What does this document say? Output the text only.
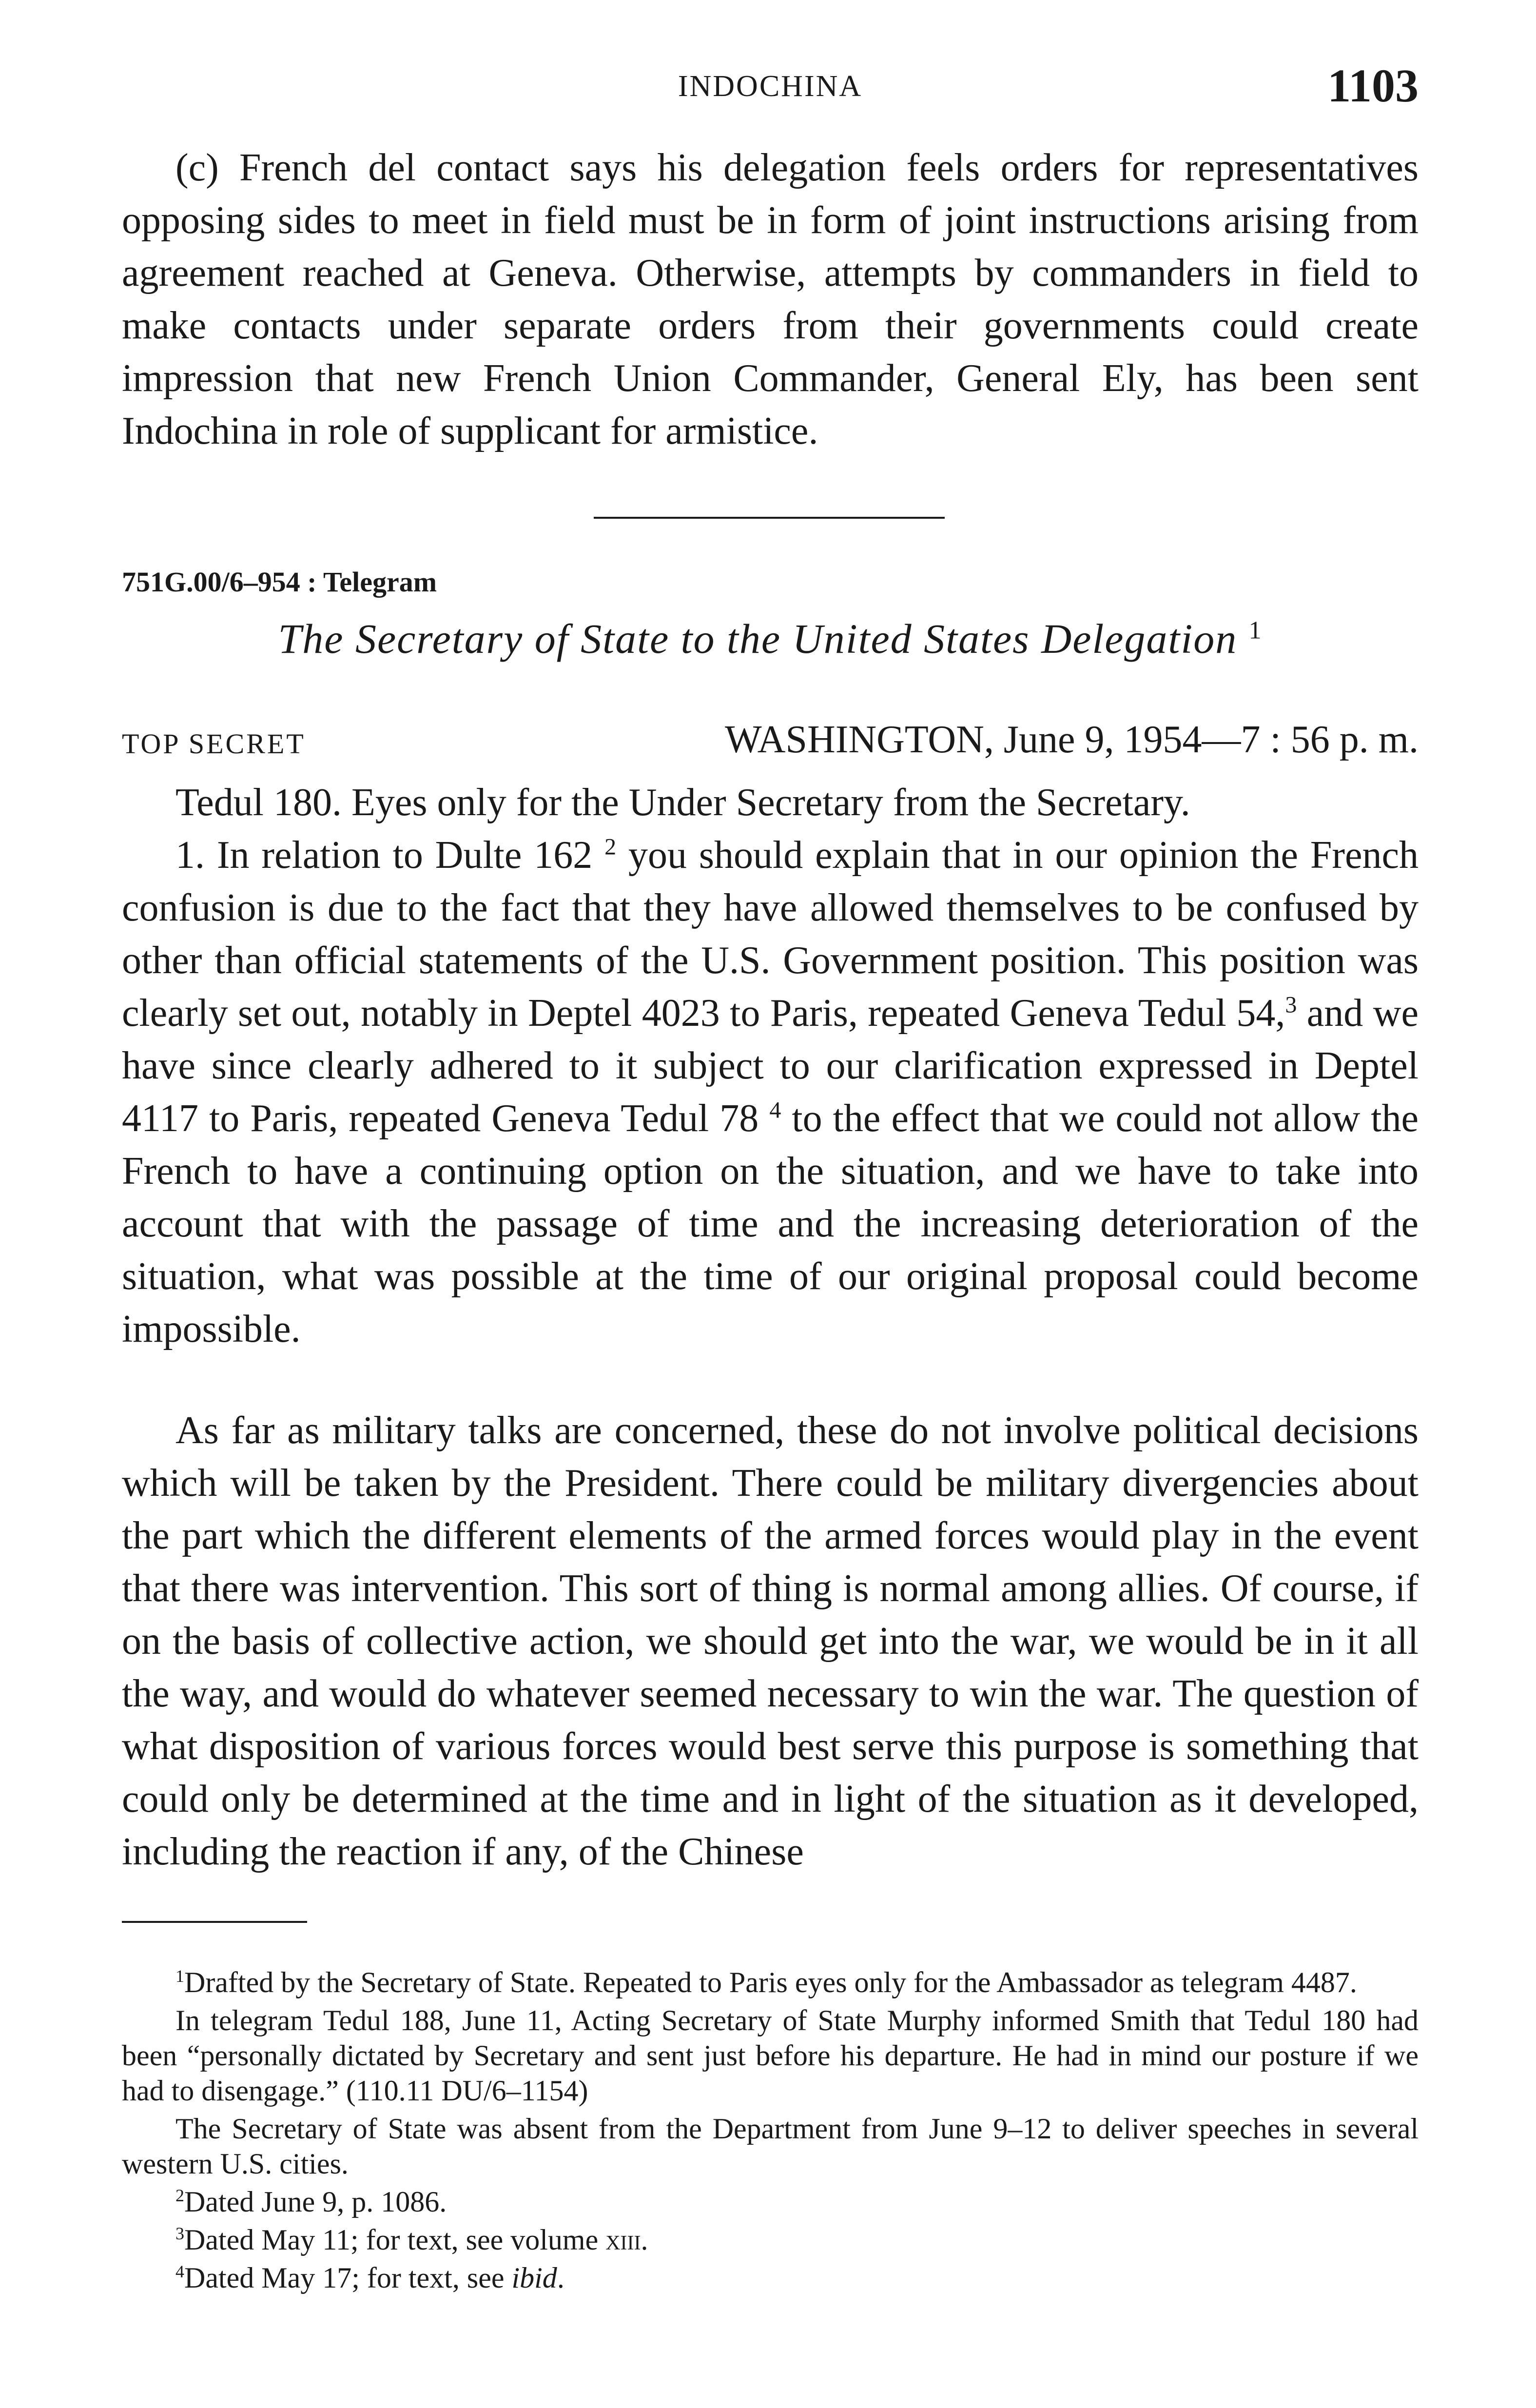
INDOCHINA	1103

(c) French del contact says his delegation feels orders for representatives opposing sides to meet in field must be in form of joint instructions arising from agreement reached at Geneva. Otherwise, attempts by commanders in field to make contacts under separate orders from their governments could create impression that new French Union Commander, General Ely, has been sent Indochina in role of supplicant for armistice.

751G.00/6–954 : Telegram
The Secretary of State to the United States Delegation $^1$
TOP SECRET	WASHINGTON, June 9, 1954—7 : 56 p. m.

Tedul 180. Eyes only for the Under Secretary from the Secretary.

1. In relation to Dulte 162 $^2$ you should explain that in our opinion the French confusion is due to the fact that they have allowed themselves to be confused by other than official statements of the U.S. Government position. This position was clearly set out, notably in Deptel 4023 to Paris, repeated Geneva Tedul 54,$^3$ and we have since clearly adhered to it subject to our clarification expressed in Deptel 4117 to Paris, repeated Geneva Tedul 78 $^4$ to the effect that we could not allow the French to have a continuing option on the situation, and we have to take into account that with the passage of time and the increasing deterioration of the situation, what was possible at the time of our original proposal could become impossible.

As far as military talks are concerned, these do not involve political decisions which will be taken by the President. There could be military divergencies about the part which the different elements of the armed forces would play in the event that there was intervention. This sort of thing is normal among allies. Of course, if on the basis of collective action, we should get into the war, we would be in it all the way, and would do whatever seemed necessary to win the war. The question of what disposition of various forces would best serve this purpose is something that could only be determined at the time and in light of the situation as it developed, including the reaction if any, of the Chinese

$^1$Drafted by the Secretary of State. Repeated to Paris eyes only for the Ambassador as telegram 4487.

In telegram Tedul 188, June 11, Acting Secretary of State Murphy informed Smith that Tedul 180 had been “personally dictated by Secretary and sent just before his departure. He had in mind our posture if we had to disengage.” (110.11 DU/6–1154)

The Secretary of State was absent from the Department from June 9–12 to deliver speeches in several western U.S. cities.

$^2$Dated June 9, p. 1086.

$^3$Dated May 11; for text, see volume xiii.

$^4$Dated May 17; for text, see ibid.
